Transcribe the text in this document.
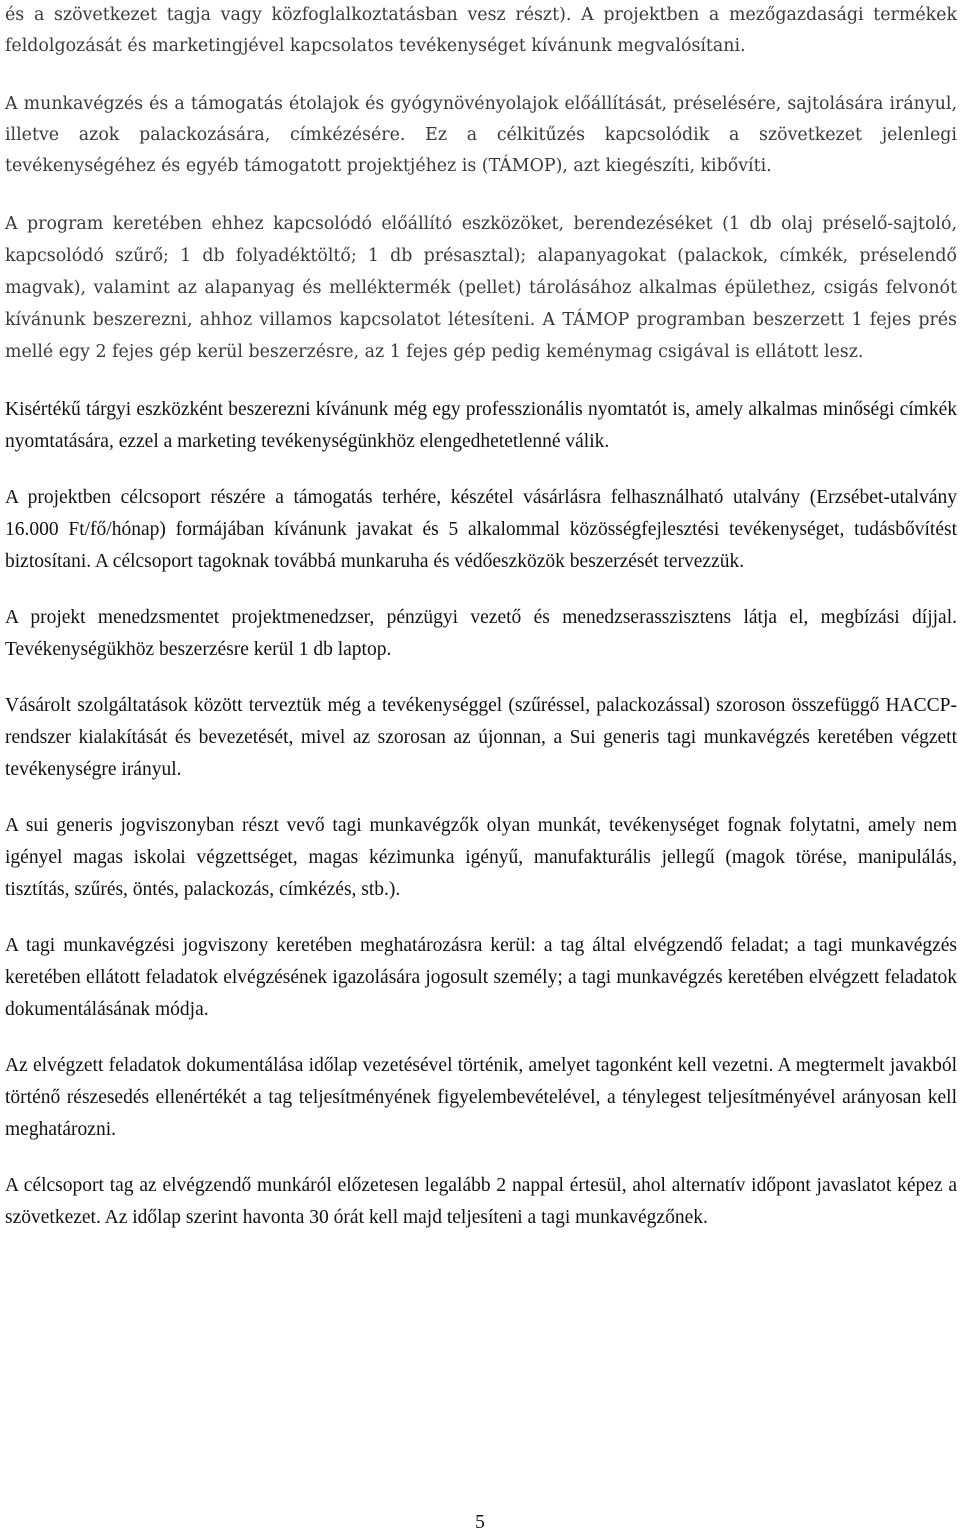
és a szövetkezet tagja vagy közfoglalkoztatásban vesz részt). A projektben a mezőgazdasági termékek feldolgozását és marketingjével kapcsolatos tevékenységet kívánunk megvalósítani.

A munkavégzés és a támogatás étolajok és gyógynövényolajok előállítását, préselésére, sajtolására irányul, illetve azok palackozására, címkézésére. Ez a célkitűzés kapcsolódik a szövetkezet jelenlegi tevékenységéhez és egyéb támogatott projektjéhez is (TÁMOP), azt kiegészíti, kibővíti.

A program keretében ehhez kapcsolódó előállító eszközöket, berendezéséket (1 db olaj préselő-sajtoló, kapcsolódó szűrő; 1 db folyadéktöltő; 1 db présasztal); alapanyagokat (palackok, címkék, préselendő magvak), valamint az alapanyag és melléktermék (pellet) tárolásához alkalmas épülethez, csigás felvonót kívánunk beszerezni, ahhoz villamos kapcsolatot létesíteni. A TÁMOP programban beszerzett 1 fejes prés mellé egy 2 fejes gép kerül beszerzésre, az 1 fejes gép pedig keménymag csigával is ellátott lesz.

Kisértékű tárgyi eszközként beszerezni kívánunk még egy professzionális nyomtatót is, amely alkalmas minőségi címkék nyomtatására, ezzel a marketing tevékenységünkhöz elengedhetetlenné válik.

A projektben célcsoport részére a támogatás terhére, készétel vásárlásra felhasználható utalvány (Erzsébet-utalvány 16.000 Ft/fő/hónap) formájában kívánunk javakat és 5 alkalommal közösségfejlesztési tevékenységet, tudásbővítést biztosítani. A célcsoport tagoknak továbbá munkaruha és védőeszközök beszerzését tervezzük.

A projekt menedzsmentet projektmenedzser, pénzügyi vezető és menedzserasszisztens látja el, megbízási díjjal. Tevékenységükhöz beszerzésre kerül 1 db laptop.

Vásárolt szolgáltatások között terveztük még a tevékenységgel (szűréssel, palackozással) szoroson összefüggő HACCP-rendszer kialakítását és bevezetését, mivel az szorosan az újonnan, a Sui generis tagi munkavégzés keretében végzett tevékenységre irányul.

A sui generis jogviszonyban részt vevő tagi munkavégzők olyan munkát, tevékenységet fognak folytatni, amely nem igényel magas iskolai végzettséget, magas kézimunka igényű, manufakturális jellegű (magok törése, manipulálás, tisztítás, szűrés, öntés, palackozás, címkézés, stb.).

A tagi munkavégzési jogviszony keretében meghatározásra kerül: a tag által elvégzendő feladat; a tagi munkavégzés keretében ellátott feladatok elvégzésének igazolására jogosult személy; a tagi munkavégzés keretében elvégzett feladatok dokumentálásának módja.

Az elvégzett feladatok dokumentálása időlap vezetésével történik, amelyet tagonként kell vezetni. A megtermelt javakból történő részesedés ellenértékét a tag teljesítményének figyelembevételével, a ténylegest teljesítményével arányosan kell meghatározni.

A célcsoport tag az elvégzendő munkáról előzetesen legalább 2 nappal értesül, ahol alternatív időpont javaslatot képez a szövetkezet. Az időlap szerint havonta 30 órát kell majd teljesíteni a tagi munkavégzőnek.

5
